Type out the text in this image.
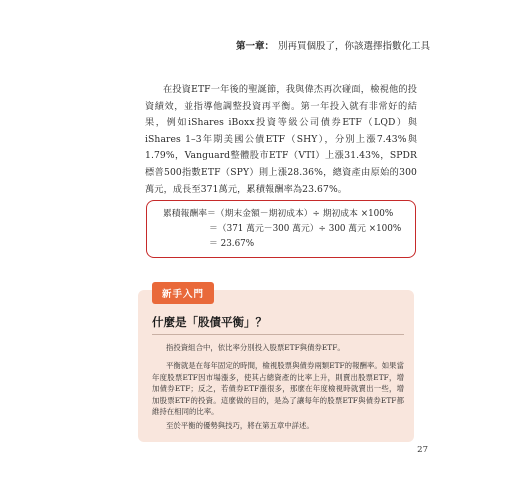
第一章： 別再買個股了，你該選擇指數化工具
在投資ETF一年後的聖誕節，我與偉杰再次碰面，檢視他的投資績效，並指導他調整投資再平衡。第一年投入就有非常好的結果，例如iShares iBoxx投資等級公司債券ETF（LQD）與iShares 1–3年期美國公債ETF（SHY），分別上漲7.43%與1.79%，Vanguard整體股市ETF（VTI）上漲31.43%，SPDR標普500指數ETF（SPY）則上漲28.36%，總資產由原始的300萬元，成長至371萬元，累積報酬率為23.67%。
累積報酬率＝（期末金額－期初成本）÷ 期初成本 ×100%
＝（371 萬元－300 萬元）÷ 300 萬元 ×100%
＝ 23.67%
新手入門
什麼是「股債平衡」？
指投資組合中，依比率分別投入股票ETF與債券ETF。
平衡就是在每年固定的時間，檢視股票與債券兩類ETF的報酬率。如果當年度股票ETF因市場漲多，使其占總資產的比率上升，則賣出股票ETF，增加債券ETF；反之，若債券ETF漲很多，那麼在年度檢視時就賣出一些，增加股票ETF的投資。這麼做的目的，是為了讓每年的股票ETF與債券ETF都維持在相同的比率。
至於平衡的優勢與技巧，將在第五章中詳述。
27
